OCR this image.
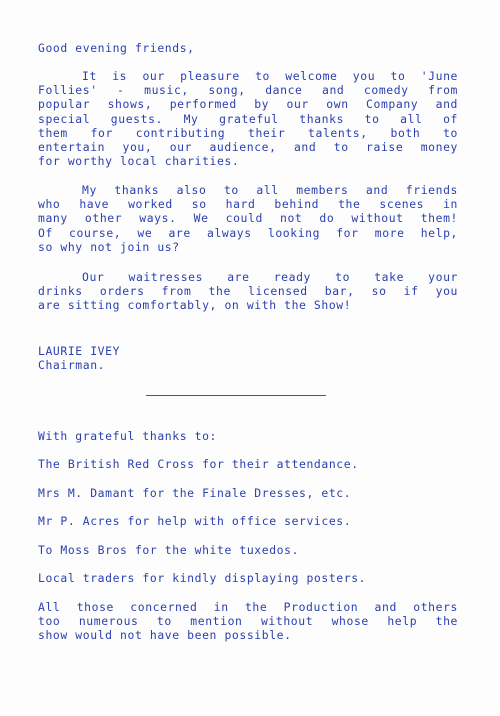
Good evening friends,
It is our pleasure to welcome you to 'June
Follies' - music, song, dance and comedy from
popular shows, performed by our own Company and
special guests. My grateful thanks to all of
them for contributing their talents, both to
entertain you, our audience, and to raise money
for worthy local charities.
My thanks also to all members and friends
who have worked so hard behind the scenes in
many other ways. We could not do without them!
Of course, we are always looking for more help,
so why not join us?
Our waitresses are ready to take your
drinks orders from the licensed bar, so if you
are sitting comfortably, on with the Show!
LAURIE IVEY
Chairman.
With grateful thanks to:
The British Red Cross for their attendance.
Mrs M. Damant for the Finale Dresses, etc.
Mr P. Acres for help with office services.
To Moss Bros for the white tuxedos.
Local traders for kindly displaying posters.
All those concerned in the Production and others
too numerous to mention without whose help the
show would not have been possible.
